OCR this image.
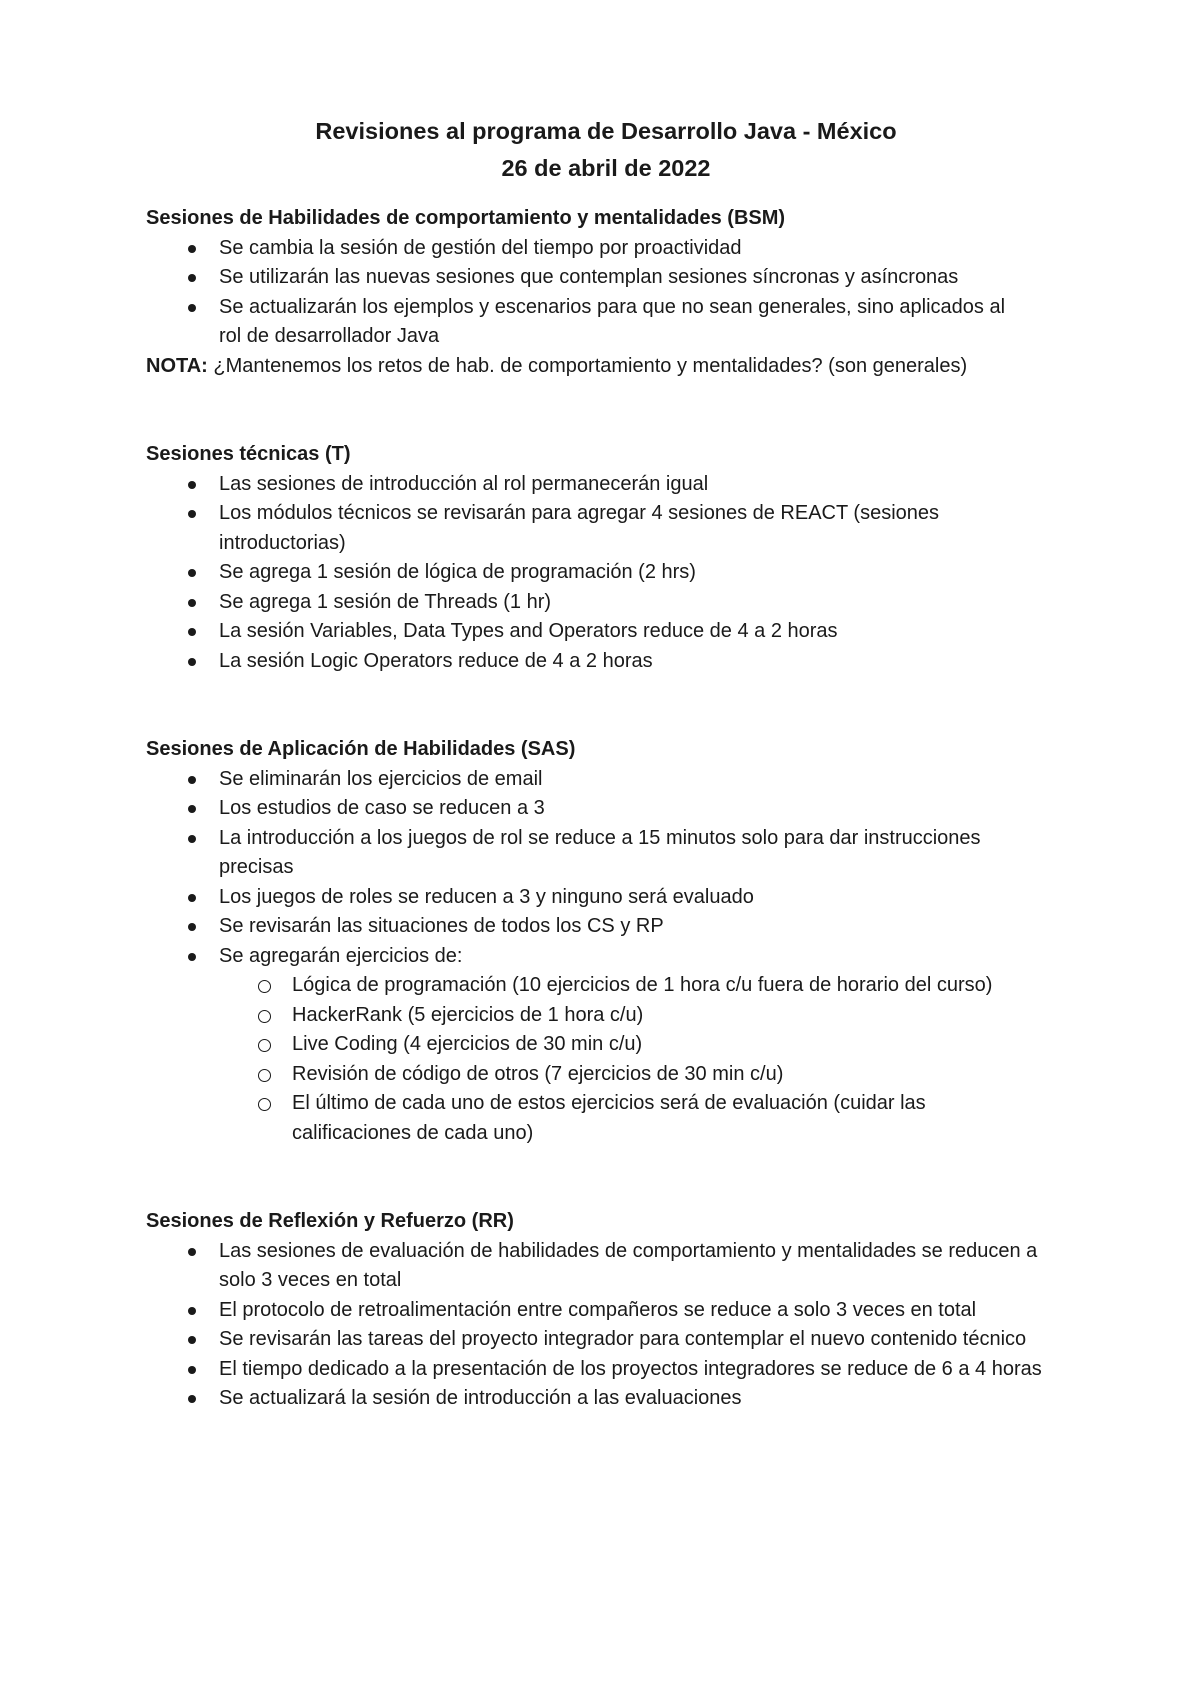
Revisiones al programa de Desarrollo Java - México

26 de abril de 2022

Sesiones de Habilidades de comportamiento y mentalidades (BSM)

Se cambia la sesión de gestión del tiempo por proactividad
Se utilizarán las nuevas sesiones que contemplan sesiones síncronas y asíncronas
Se actualizarán los ejemplos y escenarios para que no sean generales, sino aplicados al rol de desarrollador Java

NOTA: ¿Mantenemos los retos de hab. de comportamiento y mentalidades? (son generales)

Sesiones técnicas (T)

Las sesiones de introducción al rol permanecerán igual
Los módulos técnicos se revisarán para agregar 4 sesiones de REACT (sesiones introductorias)
Se agrega 1 sesión de lógica de programación (2 hrs)
Se agrega 1 sesión de Threads (1 hr)
La sesión Variables, Data Types and Operators reduce de 4 a 2 horas
La sesión Logic Operators reduce de 4 a 2 horas

Sesiones de Aplicación de Habilidades (SAS)

Se eliminarán los ejercicios de email
Los estudios de caso se reducen a 3
La introducción a los juegos de rol se reduce a 15 minutos solo para dar instrucciones precisas
Los juegos de roles se reducen a 3 y ninguno será evaluado
Se revisarán las situaciones de todos los CS y RP
Se agregarán ejercicios de:
Lógica de programación (10 ejercicios de 1 hora c/u fuera de horario del curso)
HackerRank (5 ejercicios de 1 hora c/u)
Live Coding (4 ejercicios de 30 min c/u)
Revisión de código de otros (7 ejercicios de 30 min c/u)
El último de cada uno de estos ejercicios será de evaluación (cuidar las calificaciones de cada uno)

Sesiones de Reflexión y Refuerzo (RR)

Las sesiones de evaluación de habilidades de comportamiento y mentalidades se reducen a solo 3 veces en total
El protocolo de retroalimentación entre compañeros se reduce a solo 3 veces en total
Se revisarán las tareas del proyecto integrador para contemplar el nuevo contenido técnico
El tiempo dedicado a la presentación de los proyectos integradores se reduce de 6 a 4 horas
Se actualizará la sesión de introducción a las evaluaciones
